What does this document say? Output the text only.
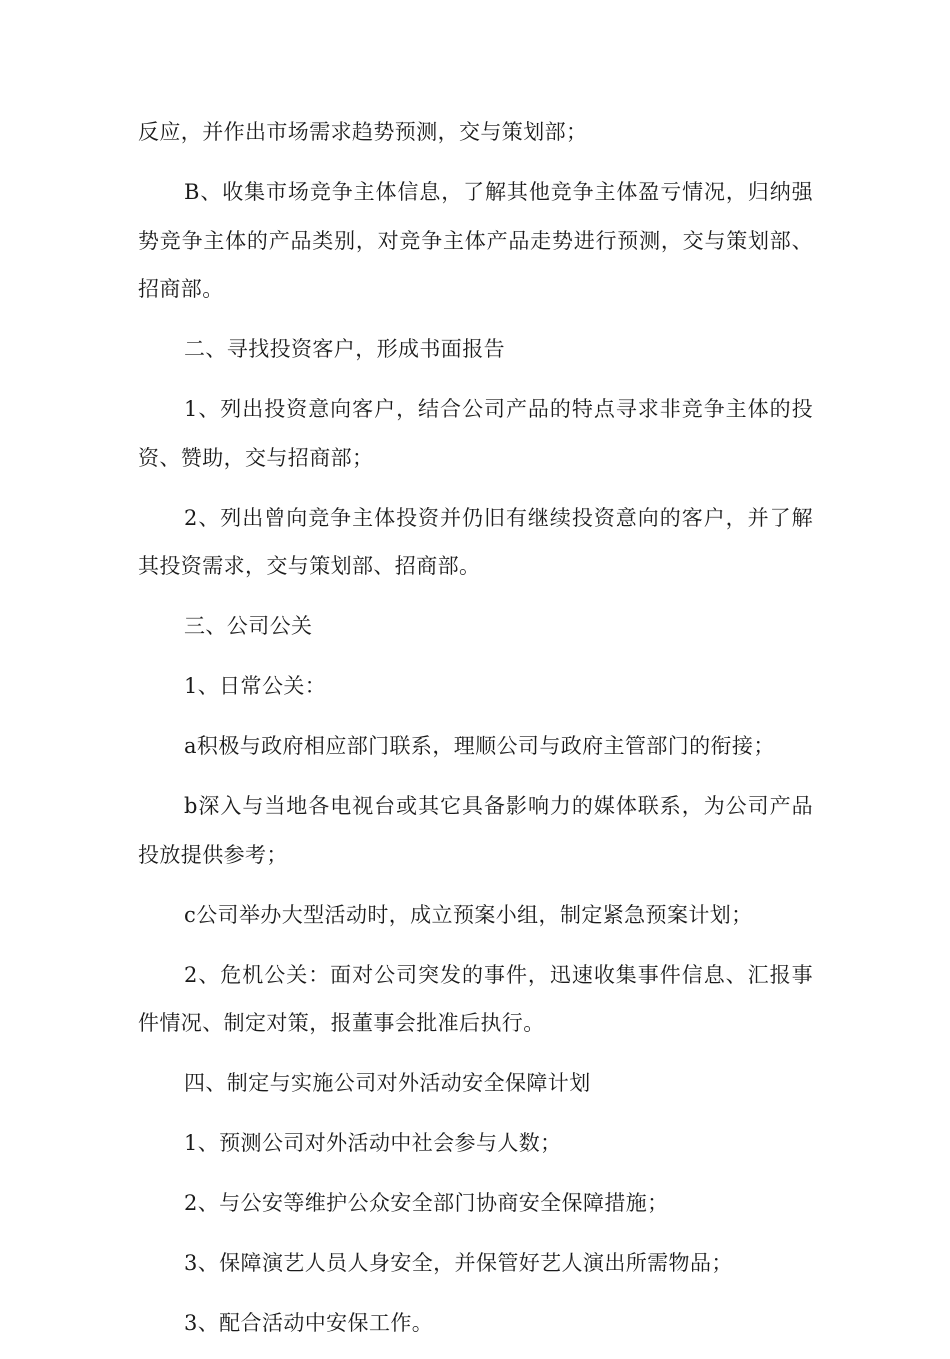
反应，并作出市场需求趋势预测，交与策划部；

B、收集市场竞争主体信息，了解其他竞争主体盈亏情况，归纳强势竞争主体的产品类别，对竞争主体产品走势进行预测，交与策划部、招商部。

二、寻找投资客户，形成书面报告

1、列出投资意向客户，结合公司产品的特点寻求非竞争主体的投资、赞助，交与招商部；

2、列出曾向竞争主体投资并仍旧有继续投资意向的客户，并了解其投资需求，交与策划部、招商部。

三、公司公关

1、日常公关：

a积极与政府相应部门联系，理顺公司与政府主管部门的衔接；

b深入与当地各电视台或其它具备影响力的媒体联系，为公司产品投放提供参考；

c公司举办大型活动时，成立预案小组，制定紧急预案计划；

2、危机公关：面对公司突发的事件，迅速收集事件信息、汇报事件情况、制定对策，报董事会批准后执行。

四、制定与实施公司对外活动安全保障计划

1、预测公司对外活动中社会参与人数；

2、与公安等维护公众安全部门协商安全保障措施；

3、保障演艺人员人身安全，并保管好艺人演出所需物品；

3、配合活动中安保工作。
